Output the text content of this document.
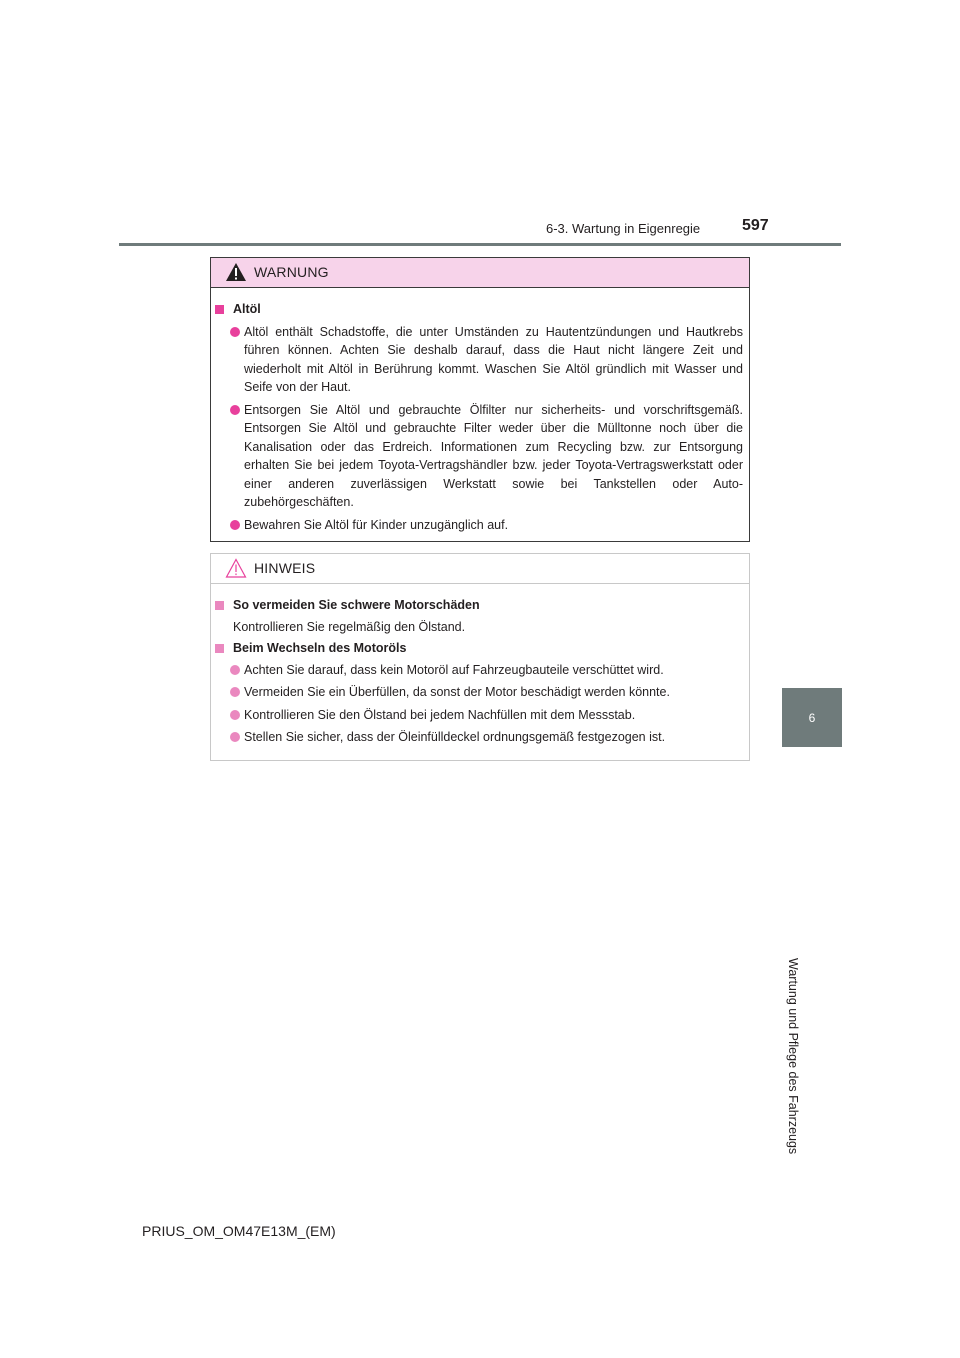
6-3. Wartung in Eigenregie	597
6
Wartung und Pflege des Fahrzeugs
WARNUNG
Altöl
Altöl enthält Schadstoffe, die unter Umständen zu Hautentzündungen und Hautkrebs führen können. Achten Sie deshalb darauf, dass die Haut nicht längere Zeit und wiederholt mit Altöl in Berührung kommt. Waschen Sie Altöl gründlich mit Wasser und Seife von der Haut.
Entsorgen Sie Altöl und gebrauchte Ölfilter nur sicherheits- und vorschriftsgemäß. Entsorgen Sie Altöl und gebrauchte Filter weder über die Mülltonne noch über die Kanalisation oder das Erdreich. Informationen zum Recycling bzw. zur Entsorgung erhalten Sie bei jedem Toyota-Vertragshändler bzw. jeder Toyota-Vertragswerkstatt oder einer anderen zuverlässigen Werkstatt sowie bei Tankstellen oder Autozubehörgeschäften.
Bewahren Sie Altöl für Kinder unzugänglich auf.
HINWEIS
So vermeiden Sie schwere Motorschäden
Kontrollieren Sie regelmäßig den Ölstand.
Beim Wechseln des Motoröls
Achten Sie darauf, dass kein Motoröl auf Fahrzeugbauteile verschüttet wird.
Vermeiden Sie ein Überfüllen, da sonst der Motor beschädigt werden könnte.
Kontrollieren Sie den Ölstand bei jedem Nachfüllen mit dem Messstab.
Stellen Sie sicher, dass der Öleinfülldeckel ordnungsgemäß festgezogen ist.
PRIUS_OM_OM47E13M_(EM)
